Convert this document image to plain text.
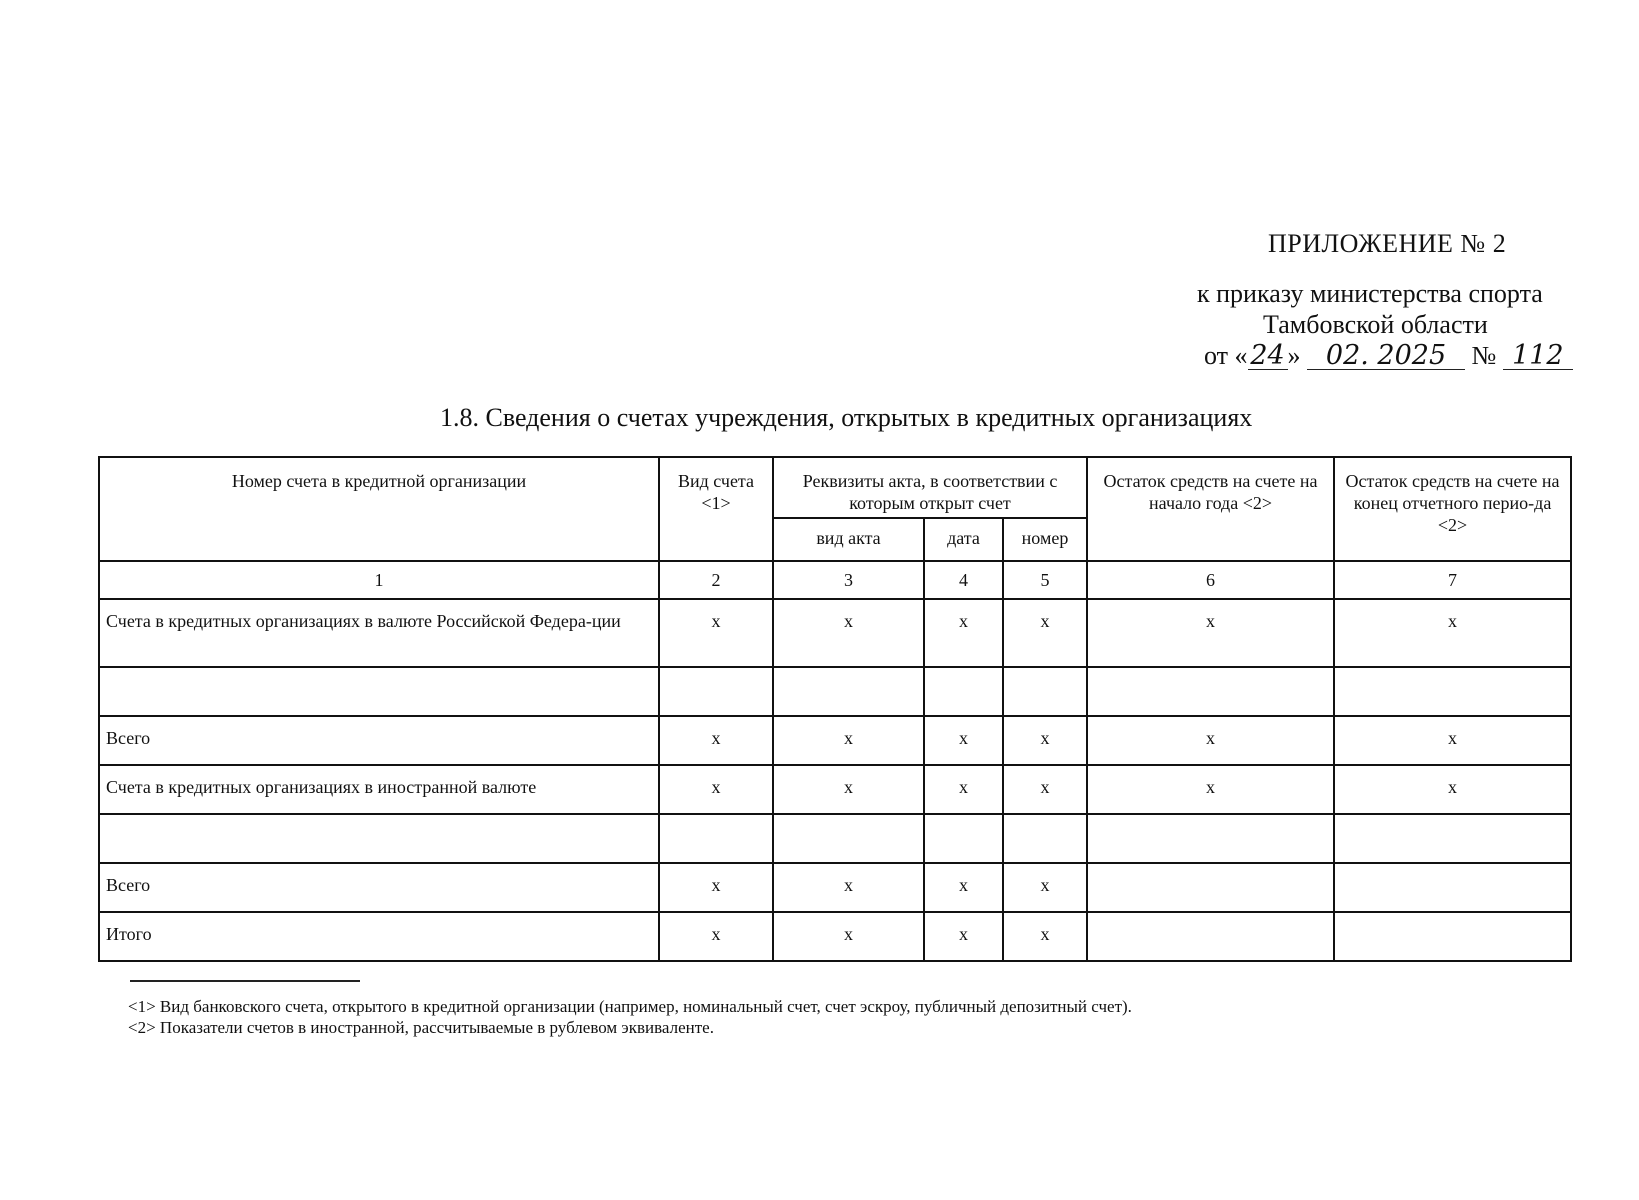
ПРИЛОЖЕНИЕ № 2
к приказу министерства спорта
Тамбовской области
от « 24 » 02. 2025 № 112
1.8. Сведения о счетах учреждения, открытых в кредитных организациях
Номер счета в кредитной организации	Вид счета <1>	Реквизиты акта, в соответствии с которым открыт счет			Остаток средств на счете на начало года <2>	Остаток средств на счете на конец отчетного перио-да <2>
		вид акта	дата	номер		
1	2	3	4	5	6	7
Счета в кредитных организациях в валюте Российской Федера-ции	x	x	x	x	x	x

Всего	x	x	x	x	x	x
Счета в кредитных организациях в иностранной валюте	x	x	x	x	x	x

Всего	x	x	x	x		
Итого	x	x	x	x		
<1> Вид банковского счета, открытого в кредитной организации (например, номинальный счет, счет эскроу, публичный депозитный счет).
<2> Показатели счетов в иностранной, рассчитываемые в рублевом эквиваленте.
